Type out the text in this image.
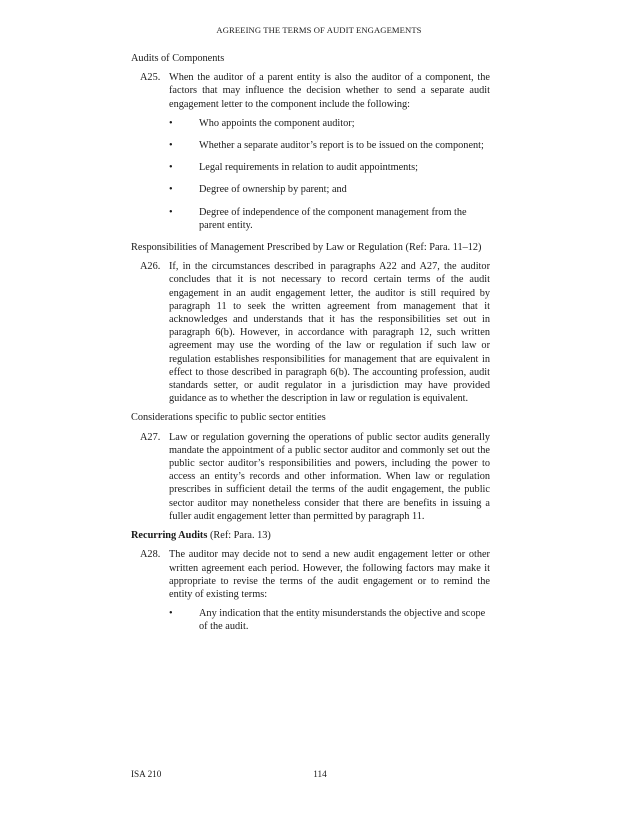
AGREEING THE TERMS OF AUDIT ENGAGEMENTS
Audits of Components
A25. When the auditor of a parent entity is also the auditor of a component, the factors that may influence the decision whether to send a separate audit engagement letter to the component include the following:
•	Who appoints the component auditor;
•	Whether a separate auditor’s report is to be issued on the component;
•	Legal requirements in relation to audit appointments;
•	Degree of ownership by parent; and
•	Degree of independence of the component management from the parent entity.
Responsibilities of Management Prescribed by Law or Regulation (Ref: Para. 11–12)
A26. If, in the circumstances described in paragraphs A22 and A27, the auditor concludes that it is not necessary to record certain terms of the audit engagement in an audit engagement letter, the auditor is still required by paragraph 11 to seek the written agreement from management that it acknowledges and understands that it has the responsibilities set out in paragraph 6(b). However, in accordance with paragraph 12, such written agreement may use the wording of the law or regulation if such law or regulation establishes responsibilities for management that are equivalent in effect to those described in paragraph 6(b). The accounting profession, audit standards setter, or audit regulator in a jurisdiction may have provided guidance as to whether the description in law or regulation is equivalent.
Considerations specific to public sector entities
A27. Law or regulation governing the operations of public sector audits generally mandate the appointment of a public sector auditor and commonly set out the public sector auditor’s responsibilities and powers, including the power to access an entity’s records and other information. When law or regulation prescribes in sufficient detail the terms of the audit engagement, the public sector auditor may nonetheless consider that there are benefits in issuing a fuller audit engagement letter than permitted by paragraph 11.
Recurring Audits (Ref: Para. 13)
A28. The auditor may decide not to send a new audit engagement letter or other written agreement each period. However, the following factors may make it appropriate to revise the terms of the audit engagement or to remind the entity of existing terms:
•	Any indication that the entity misunderstands the objective and scope of the audit.
ISA 210	114
